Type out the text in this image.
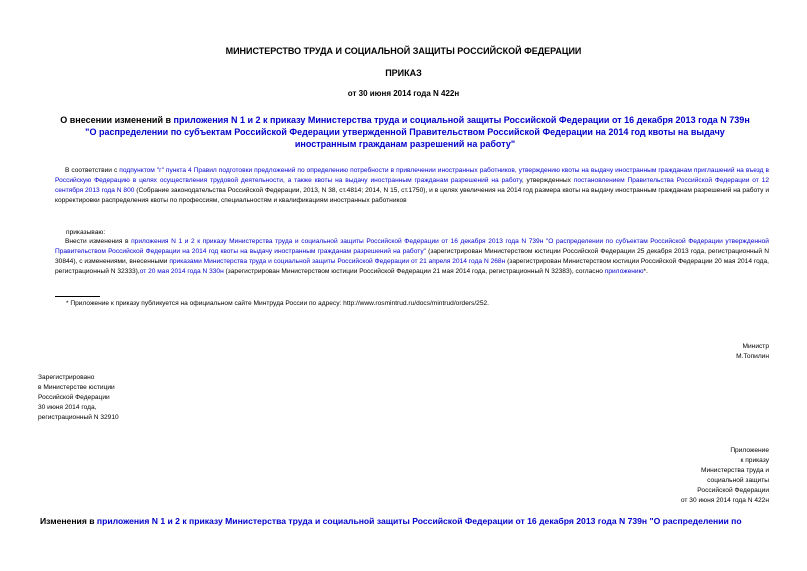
МИНИСТЕРСТВО ТРУДА И СОЦИАЛЬНОЙ ЗАЩИТЫ РОССИЙСКОЙ ФЕДЕРАЦИИ
ПРИКАЗ
от 30 июня 2014 года N 422н
О внесении изменений в приложения N 1 и 2 к приказу Министерства труда и социальной защиты Российской Федерации от 16 декабря 2013 года N 739н "О распределении по субъектам Российской Федерации утвержденной Правительством Российской Федерации на 2014 год квоты на выдачу иностранным гражданам разрешений на работу"
В соответствии с подпунктом "г" пункта 4 Правил подготовки предложений по определению потребности в привлечении иностранных работников, утверждению квоты на выдачу иностранным гражданам приглашений на въезд в Российскую Федерацию в целях осуществления трудовой деятельности, а также квоты на выдачу иностранным гражданам разрешений на работу, утвержденных постановлением Правительства Российской Федерации от 12 сентября 2013 года N 800 (Собрание законодательства Российской Федерации, 2013, N 38, ст.4814; 2014, N 15, ст.1750), и в целях увеличения на 2014 год размера квоты на выдачу иностранным гражданам разрешений на работу и корректировки распределения квоты по профессиям, специальностям и квалификациям иностранных работников
приказываю:
Внести изменения в приложения N 1 и 2 к приказу Министерства труда и социальной защиты Российской Федерации от 16 декабря 2013 года N 739н "О распределении по субъектам Российской Федерации утвержденной Правительством Российской Федерации на 2014 год квоты на выдачу иностранным гражданам разрешений на работу" (зарегистрирован Министерством юстиции Российской Федерации 25 декабря 2013 года, регистрационный N 30844), с изменениями, внесенными приказами Министерства труда и социальной защиты Российской Федерации от 21 апреля 2014 года N 268н (зарегистрирован Министерством юстиции Российской Федерации 20 мая 2014 года, регистрационный N 32333),от 20 мая 2014 года N 330н (зарегистрирован Министерством юстиции Российской Федерации 21 мая 2014 года, регистрационный N 32383), согласно приложению*.
* Приложение к приказу публикуется на официальном сайте Минтруда России по адресу: http://www.rosmintrud.ru/docs/mintrud/orders/252.
Министр
М.Топилин
Зарегистрировано
в Министерстве юстиции
Российской Федерации
30 июня 2014 года,
регистрационный N 32910
Приложение
к приказу
Министерства труда и
социальной защиты
Российской Федерации
от 30 июня 2014 года N 422н
Изменения в приложения N 1 и 2 к приказу Министерства труда и социальной защиты Российской Федерации от 16 декабря 2013 года N 739н "О распределении по
